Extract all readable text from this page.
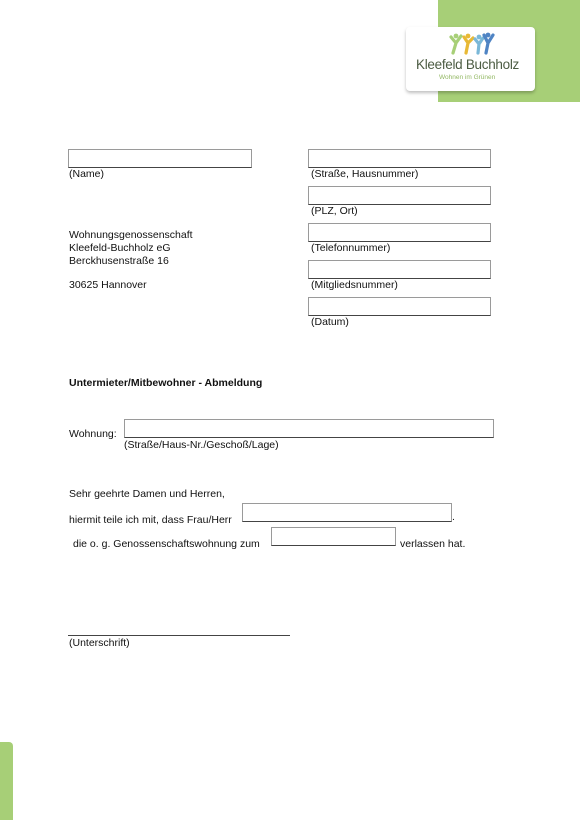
Kleefeld Buchholz
Wohnen im Grünen
(Name)	(Straße, Hausnummer)
(PLZ, Ort)
(Telefonnummer)
(Mitgliedsnummer)
(Datum)
Wohnungsgenossenschaft
Kleefeld-Buchholz eG
Berckhusenstraße 16
30625 Hannover
Untermieter/Mitbewohner - Abmeldung
Wohnung:
(Straße/Haus-Nr./Geschoß/Lage)
Sehr geehrte Damen und Herren,
hiermit teile ich mit, dass Frau/Herr	.
die o. g. Genossenschaftswohnung zum	verlassen hat.
(Unterschrift)
